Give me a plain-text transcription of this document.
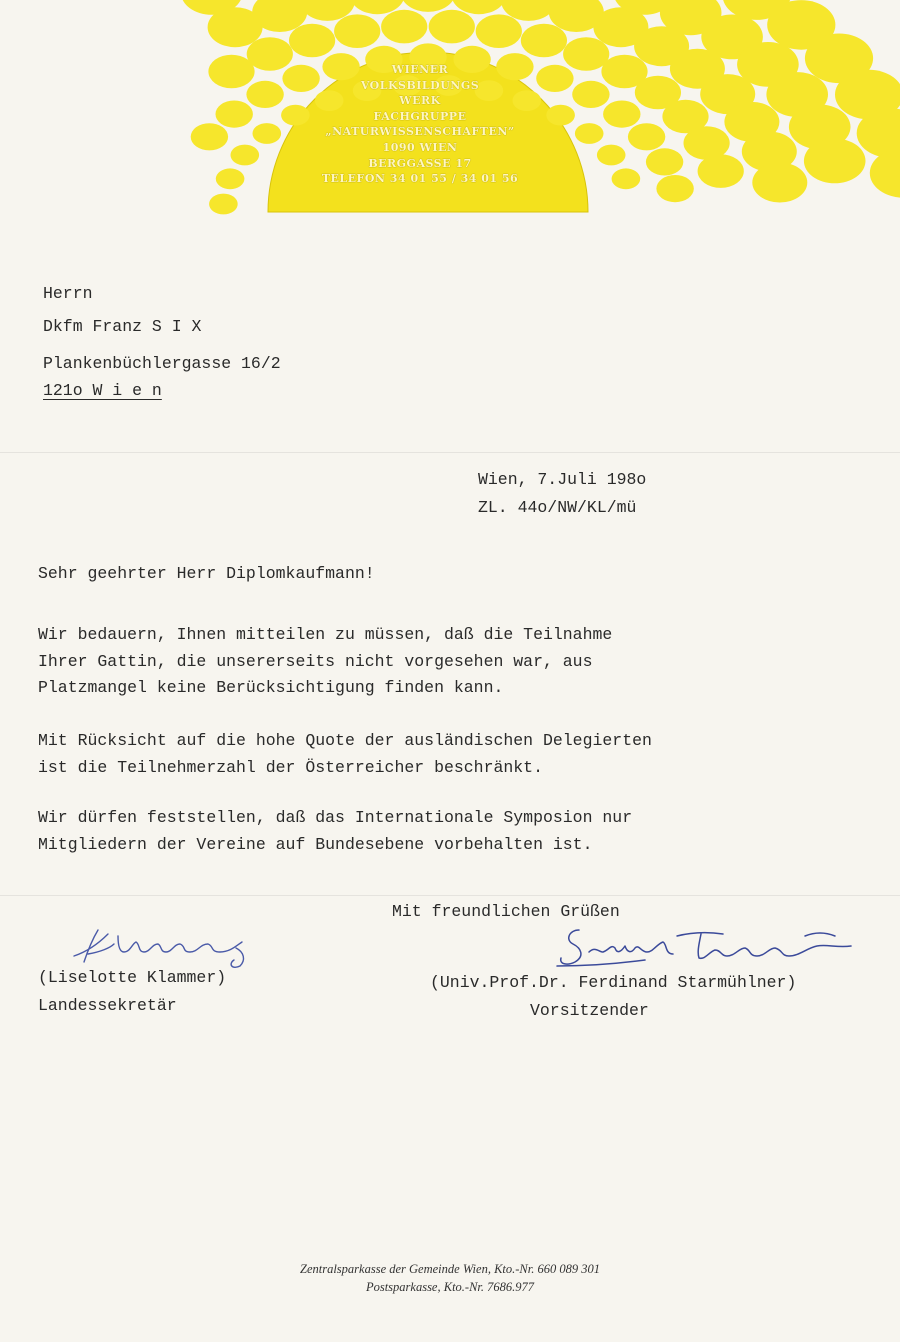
WIENER
VOLKSBILDUNGS
WERK
FACHGRUPPE
„NATURWISSENSCHAFTEN”
1090 WIEN
BERGGASSE 17
TELEFON 34 01 55 / 34 01 56
Herrn
Dkfm Franz S I X
Plankenbüchlergasse 16/2
121o W i e n
Wien, 7.Juli 198o
ZL. 44o/NW/KL/mü
Sehr geehrter Herr Diplomkaufmann!
Wir bedauern, Ihnen mitteilen zu müssen, daß die Teilnahme
Ihrer Gattin, die unsererseits nicht vorgesehen war, aus
Platzmangel keine Berücksichtigung finden kann.
Mit Rücksicht auf die hohe Quote der ausländischen Delegierten
ist die Teilnehmerzahl der Österreicher beschränkt.
Wir dürfen feststellen, daß das Internationale Symposion nur
Mitgliedern der Vereine auf Bundesebene vorbehalten ist.
Mit freundlichen Grüßen
(Liselotte Klammer)
Landessekretär
(Univ.Prof.Dr. Ferdinand Starmühlner)
Vorsitzender
Zentralsparkasse der Gemeinde Wien, Kto.-Nr. 660 089 301
Postsparkasse, Kto.-Nr. 7686.977
